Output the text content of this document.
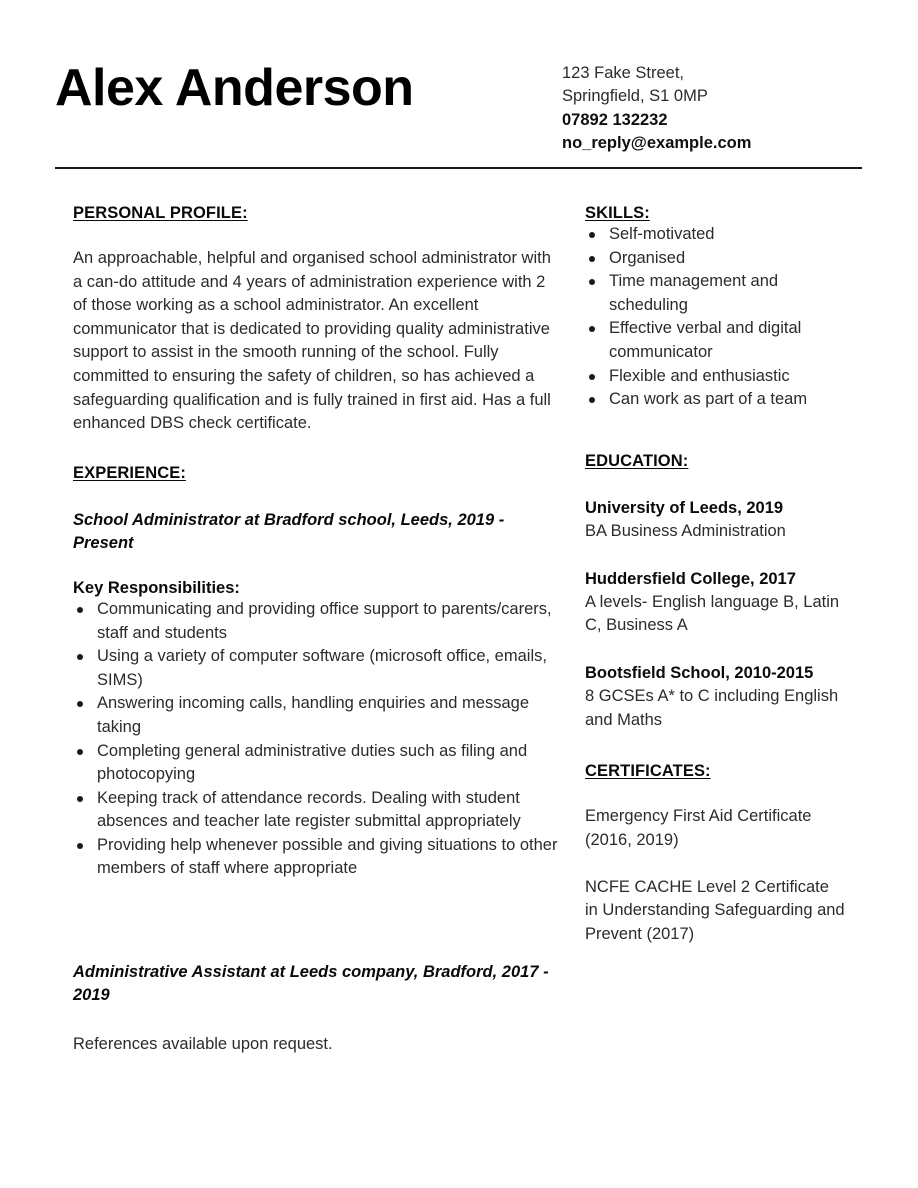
Alex Anderson	123 Fake Street,
Springfield, S1 0MP
07892 132232
no_reply@example.com
PERSONAL PROFILE:

An approachable, helpful and organised school administrator with a can-do attitude and 4 years of administration experience with 2 of those working as a school administrator. An excellent communicator that is dedicated to providing quality administrative support to assist in the smooth running of the school. Fully committed to ensuring the safety of children, so has achieved a safeguarding qualification and is fully trained in first aid. Has a full enhanced DBS check certificate.

EXPERIENCE:

School Administrator at Bradford school, Leeds, 2019 - Present

Key Responsibilities:

Communicating and providing office support to parents/carers, staff and students
Using a variety of computer software (microsoft office, emails, SIMS)
Answering incoming calls, handling enquiries and message taking
Completing general administrative duties such as filing and photocopying
Keeping track of attendance records. Dealing with student absences and teacher late register submittal appropriately
Providing help whenever possible and giving situations to other members of staff where appropriate

Administrative Assistant at Leeds company, Bradford, 2017 - 2019

References available upon request.

SKILLS:
Self-motivated
Organised
Time management and scheduling
Effective verbal and digital communicator
Flexible and enthusiastic
Can work as part of a team
EDUCATION:

University of Leeds, 2019

BA Business Administration

Huddersfield College, 2017

A levels- English language B, Latin C, Business A

Bootsfield School, 2010-2015

8 GCSEs A* to C including English and Maths

CERTIFICATES:

Emergency First Aid Certificate (2016, 2019)

NCFE CACHE Level 2 Certificate in Understanding Safeguarding and Prevent (2017)
